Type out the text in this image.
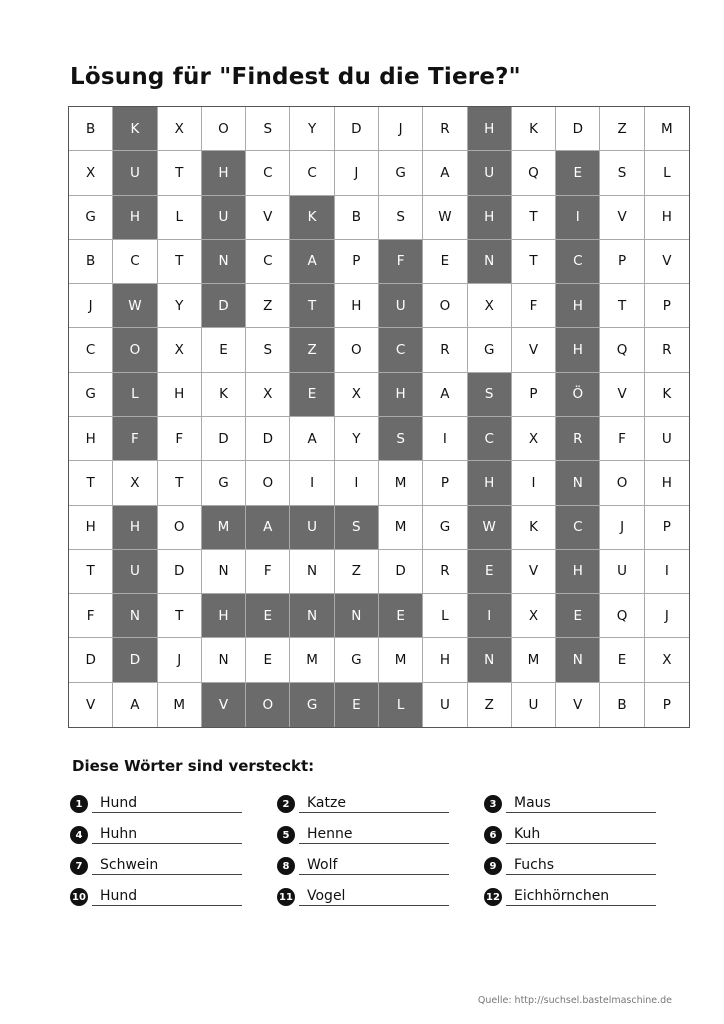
Lösung für "Findest du die Tiere?"
B	K	X	O	S	Y	D	J	R	H	K	D	Z	M
X	U	T	H	C	C	J	G	A	U	Q	E	S	L
G	H	L	U	V	K	B	S	W	H	T	I	V	H
B	C	T	N	C	A	P	F	E	N	T	C	P	V
J	W	Y	D	Z	T	H	U	O	X	F	H	T	P
C	O	X	E	S	Z	O	C	R	G	V	H	Q	R
G	L	H	K	X	E	X	H	A	S	P	Ö	V	K
H	F	F	D	D	A	Y	S	I	C	X	R	F	U
T	X	T	G	O	I	I	M	P	H	I	N	O	H
H	H	O	M	A	U	S	M	G	W	K	C	J	P
T	U	D	N	F	N	Z	D	R	E	V	H	U	I
F	N	T	H	E	N	N	E	L	I	X	E	Q	J
D	D	J	N	E	M	G	M	H	N	M	N	E	X
V	A	M	V	O	G	E	L	U	Z	U	V	B	P
Diese Wörter sind versteckt:
1	Hund	2	Katze	3	Maus
4	Huhn	5	Henne	6	Kuh
7	Schwein	8	Wolf	9	Fuchs
10	Hund	11	Vogel	12	Eichhörnchen
Quelle: http://suchsel.bastelmaschine.de
